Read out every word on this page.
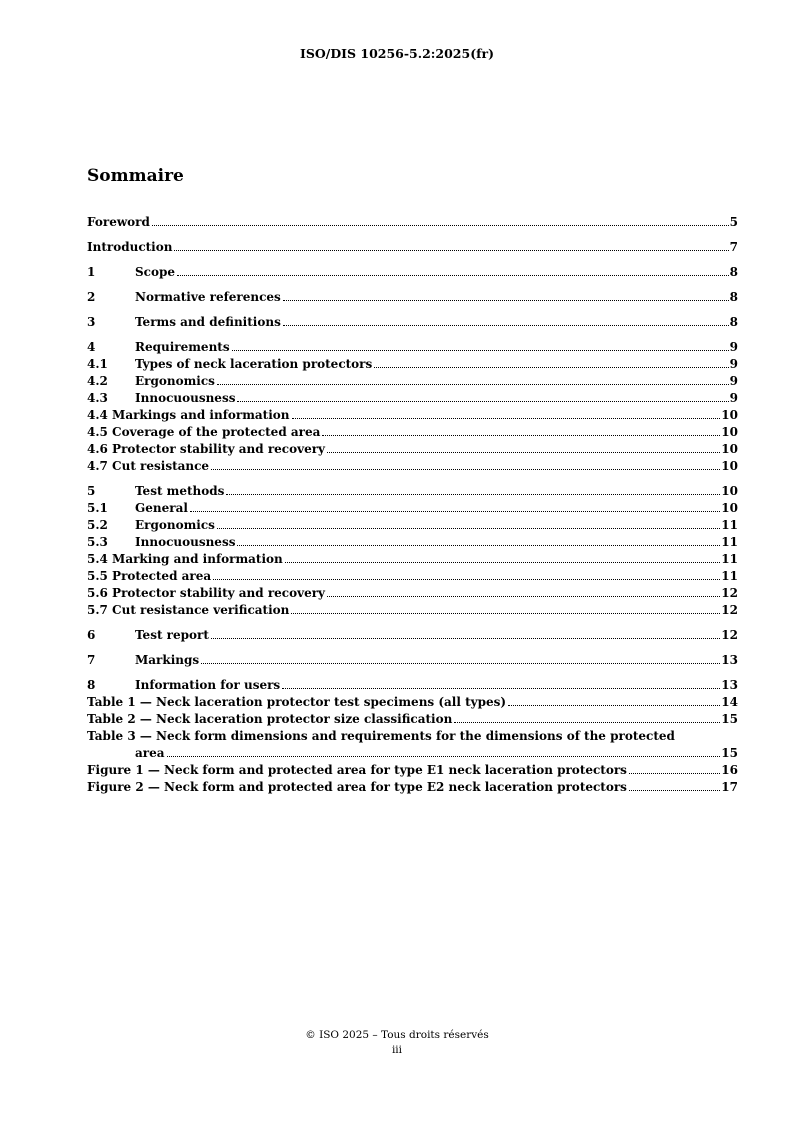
ISO/DIS 10256-5.2:2025(fr)
Sommaire
Foreword	5
Introduction	7
1	Scope	8
2	Normative references	8
3	Terms and definitions	8
4	Requirements	9
4.1	Types of neck laceration protectors	9
4.2	Ergonomics	9
4.3	Innocuousness	9
4.4 Markings and information	10
4.5 Coverage of the protected area	10
4.6 Protector stability and recovery	10
4.7 Cut resistance	10
5	Test methods	10
5.1	General	10
5.2	Ergonomics	11
5.3	Innocuousness	11
5.4 Marking and information	11
5.5 Protected area	11
5.6 Protector stability and recovery	12
5.7 Cut resistance verification	12
6	Test report	12
7	Markings	13
8	Information for users	13
Table 1 — Neck laceration protector test specimens (all types)	14
Table 2 — Neck laceration protector size classification	15
Table 3 — Neck form dimensions and requirements for the dimensions of the protected
area	15
Figure 1 — Neck form and protected area for type E1 neck laceration protectors	16
Figure 2 — Neck form and protected area for type E2 neck laceration protectors	17
© ISO 2025 – Tous droits réservés
iii
